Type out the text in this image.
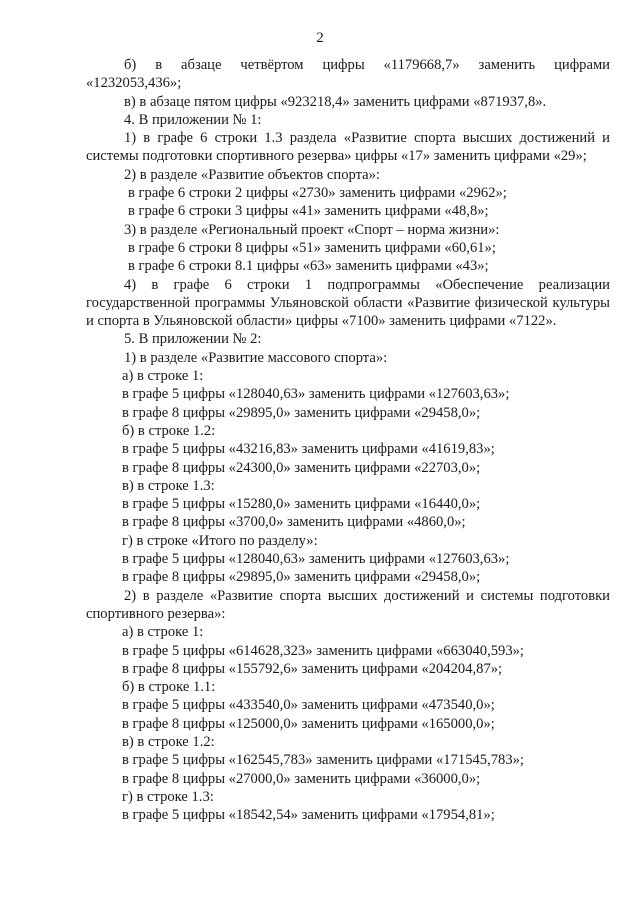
2

б) в абзаце четвёртом цифры «1179668,7» заменить цифрами

«1232053,436»;

в) в абзаце пятом цифры «923218,4» заменить цифрами «871937,8».

4. В приложении № 1:

1) в графе 6 строки 1.3 раздела «Развитие спорта высших достижений и системы подготовки спортивного резерва» цифры «17» заменить цифрами «29»;

2) в разделе «Развитие объектов спорта»:

в графе 6 строки 2 цифры «2730» заменить цифрами «2962»;

в графе 6 строки 3 цифры «41» заменить цифрами «48,8»;

3) в разделе «Региональный проект «Спорт – норма жизни»:

в графе 6 строки 8 цифры «51» заменить цифрами «60,61»;

в графе 6 строки 8.1 цифры «63» заменить цифрами «43»;

4) в графе 6 строки 1 подпрограммы «Обеспечение реализации государственной программы Ульяновской области «Развитие физической культуры и спорта в Ульяновской области» цифры «7100» заменить цифрами «7122».

5. В приложении № 2:

1) в разделе «Развитие массового спорта»:

а) в строке 1:

в графе 5 цифры «128040,63» заменить цифрами «127603,63»;

в графе 8 цифры «29895,0» заменить цифрами «29458,0»;

б) в строке 1.2:

в графе 5 цифры «43216,83» заменить цифрами «41619,83»;

в графе 8 цифры «24300,0» заменить цифрами «22703,0»;

в) в строке 1.3:

в графе 5 цифры «15280,0» заменить цифрами «16440,0»;

в графе 8 цифры «3700,0» заменить цифрами «4860,0»;

г) в строке «Итого по разделу»:

в графе 5 цифры «128040,63» заменить цифрами «127603,63»;

в графе 8 цифры «29895,0» заменить цифрами «29458,0»;

2) в разделе «Развитие спорта высших достижений и системы подготовки спортивного резерва»:

а) в строке 1:

в графе 5 цифры «614628,323» заменить цифрами «663040,593»;

в графе 8 цифры «155792,6» заменить цифрами «204204,87»;

б) в строке 1.1:

в графе 5 цифры «433540,0» заменить цифрами «473540,0»;

в графе 8 цифры «125000,0» заменить цифрами «165000,0»;

в) в строке 1.2:

в графе 5 цифры «162545,783» заменить цифрами «171545,783»;

в графе 8 цифры «27000,0» заменить цифрами «36000,0»;

г) в строке 1.3:

в графе 5 цифры «18542,54» заменить цифрами «17954,81»;
